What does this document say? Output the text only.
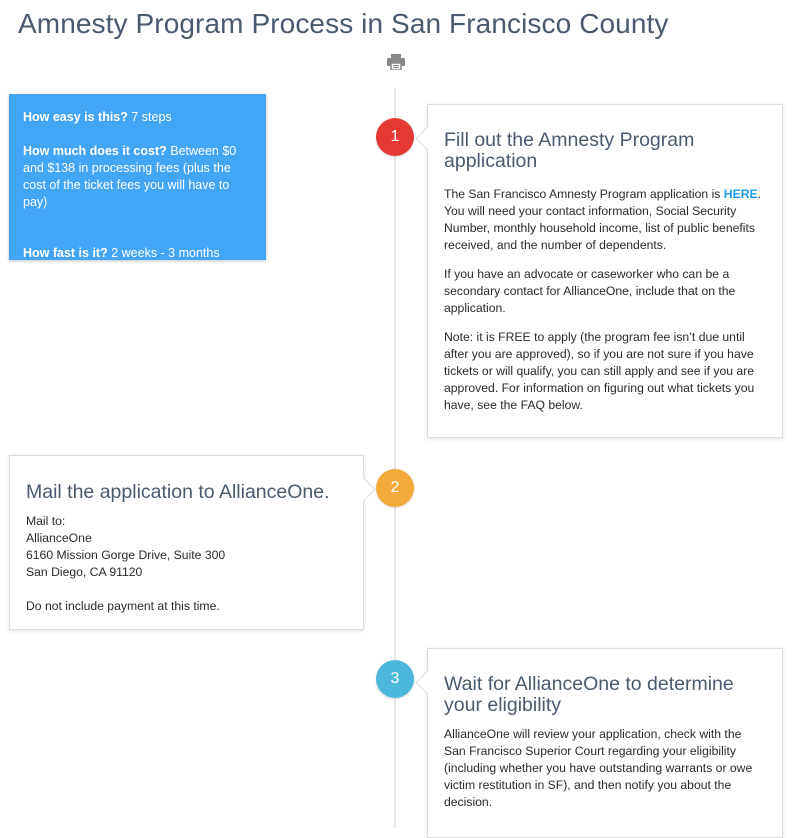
Amnesty Program Process in San Francisco County

How easy is this? 7 steps

How much does it cost? Between $0 and $138 in processing fees (plus the cost of the ticket fees you will have to pay)

How fast is it? 2 weeks - 3 months

Fill out the Amnesty Program application

The San Francisco Amnesty Program application is HERE. You will need your contact information, Social Security Number, monthly household income, list of public benefits received, and the number of dependents.

If you have an advocate or caseworker who can be a secondary contact for AllianceOne, include that on the application.

Note: it is FREE to apply (the program fee isn’t due until after you are approved), so if you are not sure if you have tickets or will qualify, you can still apply and see if you are approved. For information on figuring out what tickets you have, see the FAQ below.

1
Mail the application to AllianceOne.
Mail to:
AllianceOne
6160 Mission Gorge Drive, Suite 300
San Diego, CA 91120
Do not include payment at this time.
2
Wait for AllianceOne to determine your eligibility

AllianceOne will review your application, check with the San Francisco Superior Court regarding your eligibility (including whether you have outstanding warrants or owe victim restitution in SF), and then notify you about the decision.

3
